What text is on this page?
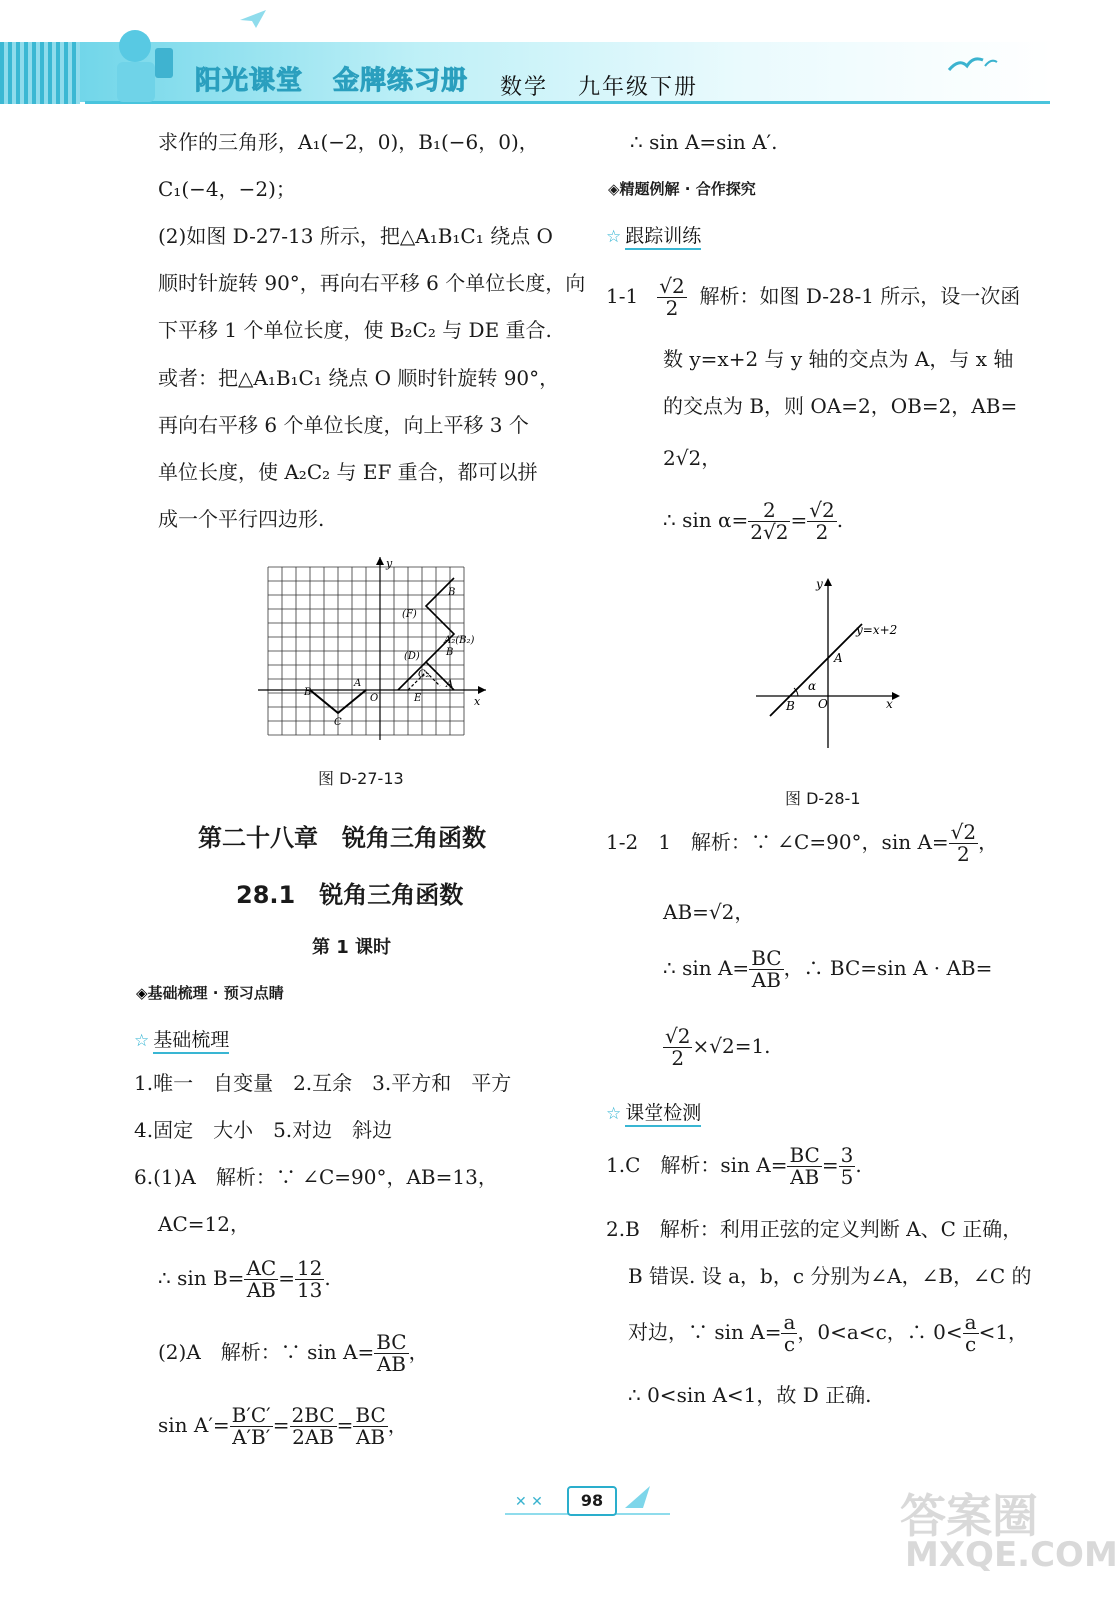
阳光课堂 金牌练习册 数学 九年级下册
求作的三角形，A₁(−2，0)，B₁(−6，0)，
C₁(−4，−2)；
(2)如图 D-27-13 所示，把△A₁B₁C₁ 绕点 O
顺时针旋转 90°，再向右平移 6 个单位长度，向
下平移 1 个单位长度，使 B₂C₂ 与 DE 重合.
或者：把△A₁B₁C₁ 绕点 O 顺时针旋转 90°，
再向右平移 6 个单位长度，向上平移 3 个
单位长度，使 A₂C₂ 与 EF 重合，都可以拼
成一个平行四边形.
y
x
O
B
(F)
A₂(B₂)
B
(D)
C₂
A
B
C
A
E
图 D-27-13
第二十八章　锐角三角函数
28.1　锐角三角函数
第 1 课时
◈基础梳理 · 预习点睛
☆ 基础梳理
1.唯一　自变量　2.互余　3.平方和　平方
4.固定　大小　5.对边　斜边
6.(1)A　解析：∵ ∠C=90°，AB=13，
AC=12，
∴ $\sin B= \frac{AC}{AB} = \frac{12}{13}$ .
(2)A　解析：∵ $\sin A= \frac{BC}{AB}$ ，
$\sin A'= \frac{B'C'}{A'B'} = \frac{2BC}{2AB} = \frac{BC}{AB}$ ，
∴ sin A=sin A′.
◈精题例解 · 合作探究
☆ 跟踪训练
$1-1 \frac{√2}{2}$ 解析：如图 D-28-1 所示，设一次函
数 y=x+2 与 y 轴的交点为 A，与 x 轴
的交点为 B，则 OA=2，OB=2，AB=
2√2，
∴ $\sin \alpha= \frac{2}{2√2} = \frac{√2}{2}$ .
y
x
y=x+2
A
B O
α
图 D-28-1
1-2　1　解析：∵ ∠C=90°，$\sin A= \frac{√2}{2}$ ，
AB=√2，
∴ $\sin A= \frac{BC}{AB}$ ，∴ BC=sin A · AB=
$\frac{√2}{2} \times√2=1$.
☆ 课堂检测
1.C　解析：$\sin A= \frac{BC}{AB} = \frac{3}{5}$ .
2.B　解析：利用正弦的定义判断 A、C 正确，
B 错误. 设 a，b，c 分别为∠A，∠B，∠C 的
对边，∵ $\sin A= \frac{a}{c}$ ，0<a<c，∴ $0< \frac{a}{c} <1$，
∴ 0<sin A<1，故 D 正确.
✕ ✕	98	答案圈
MXQE.COM
